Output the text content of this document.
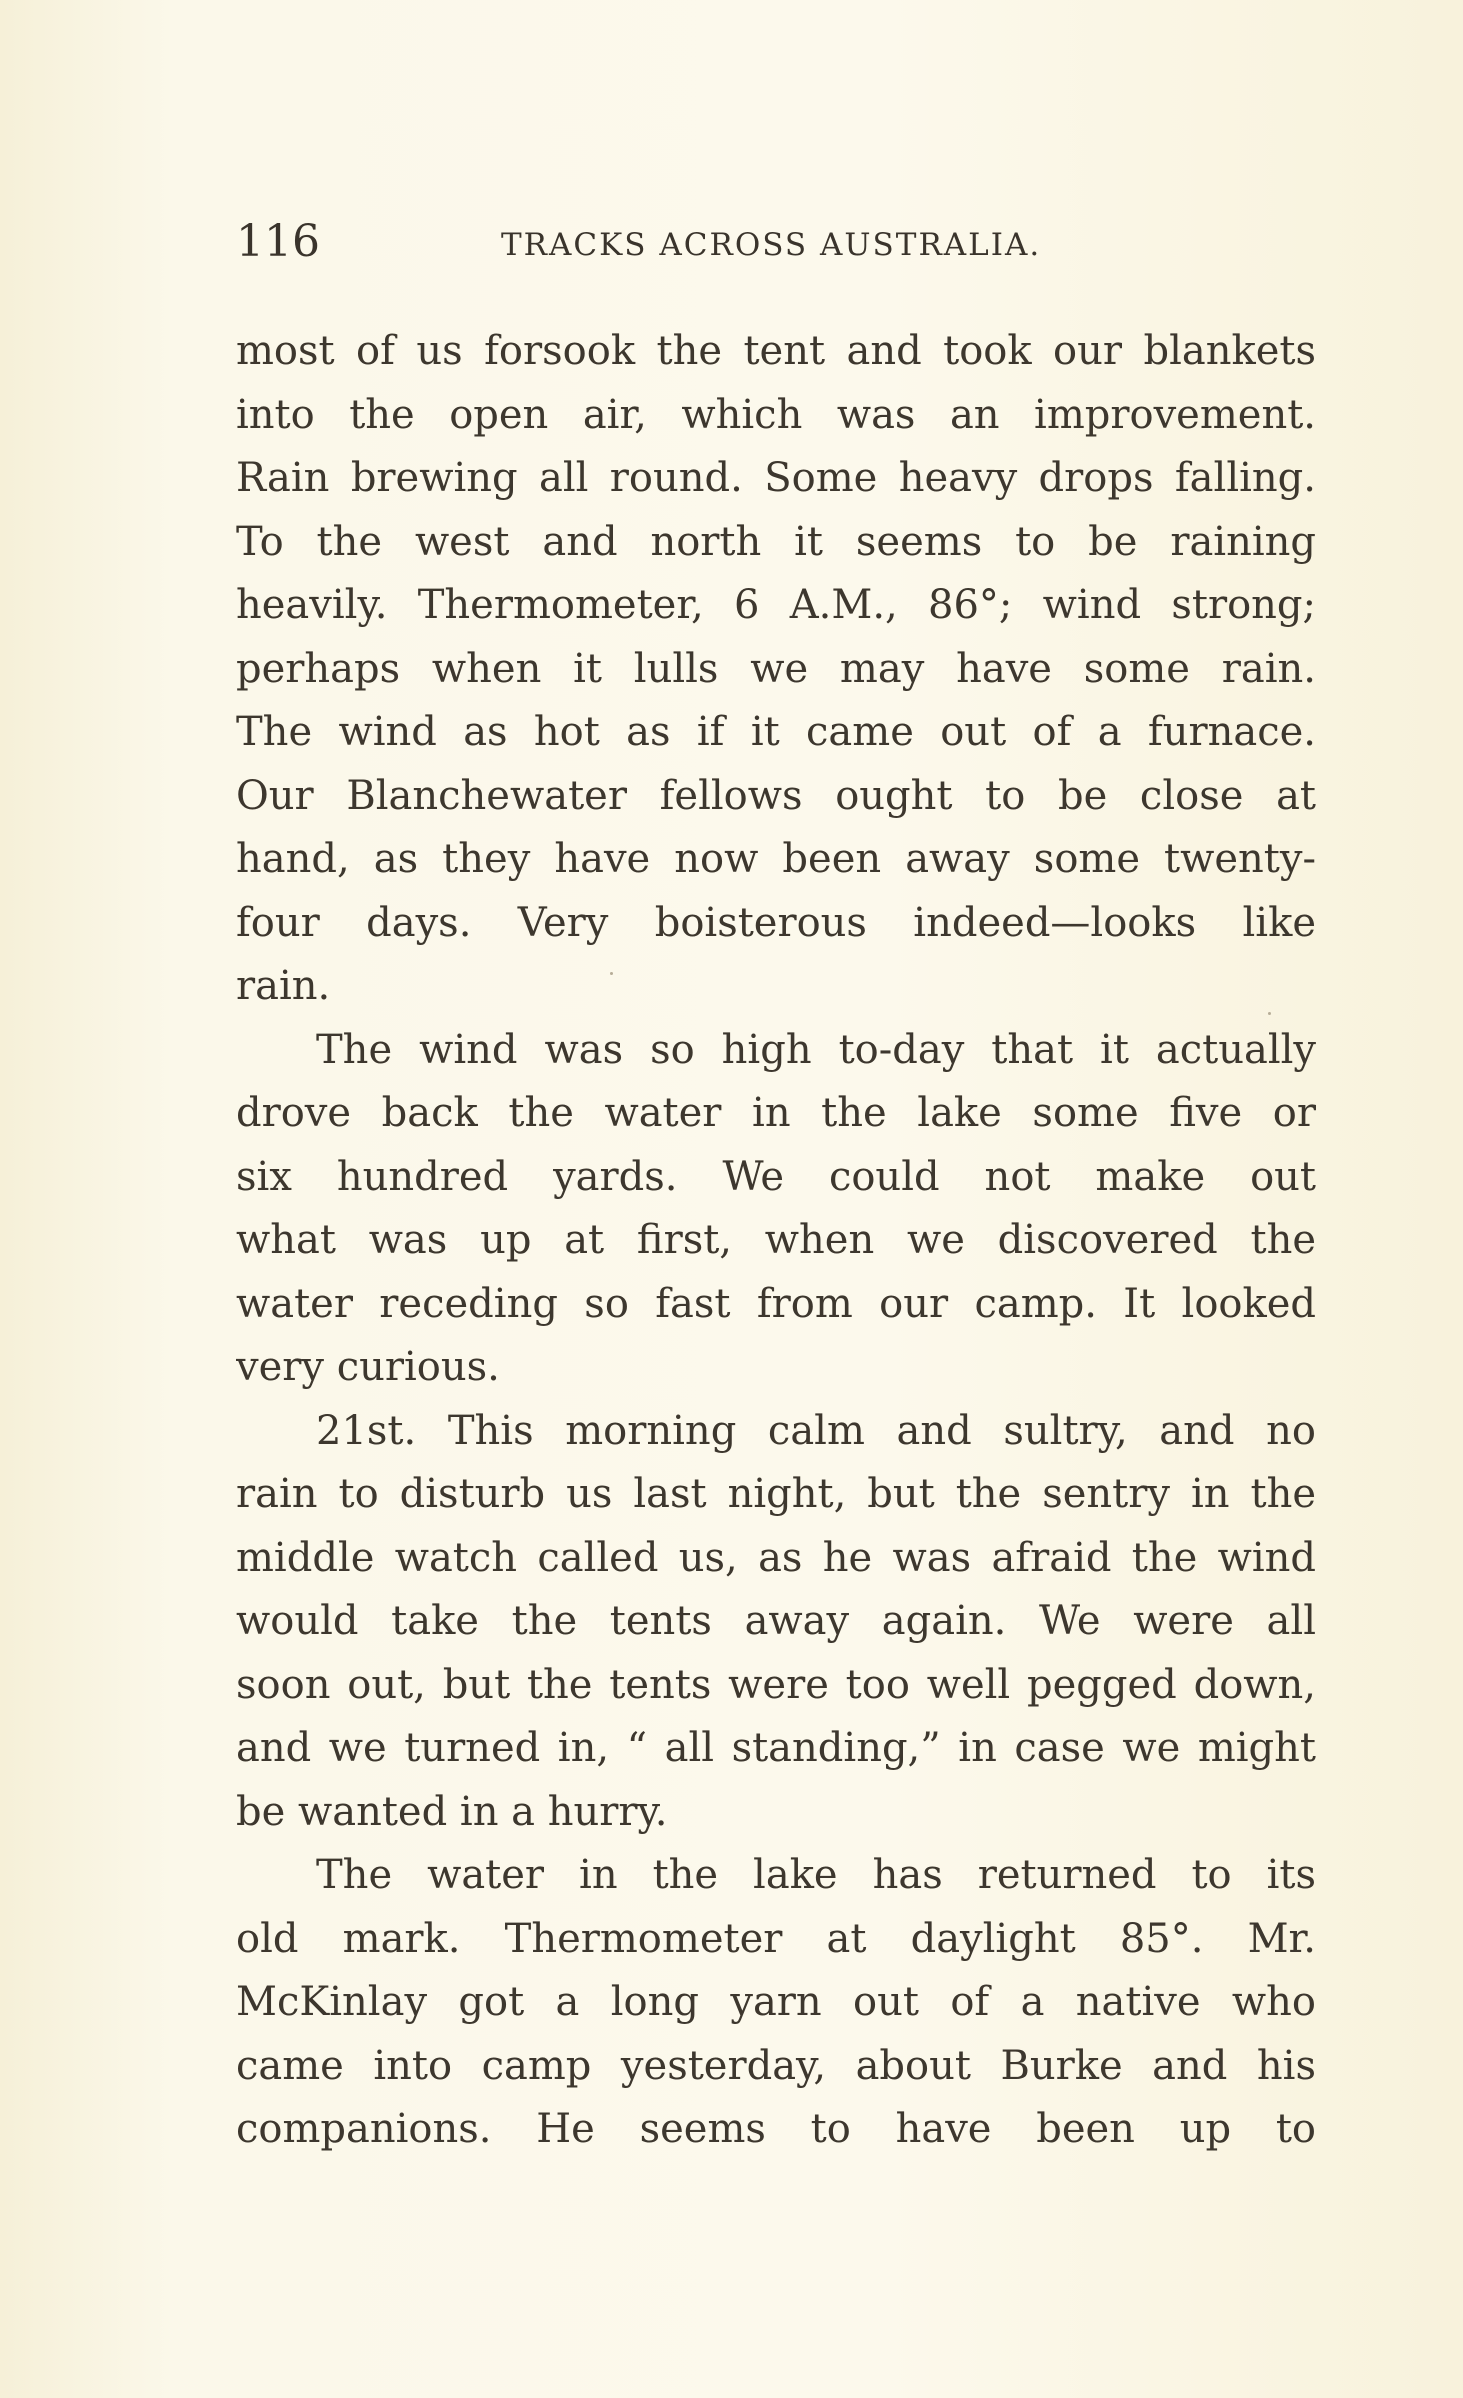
116	TRACKS ACROSS AUSTRALIA.
most of us forsook the tent and took our blankets
into the open air, which was an improvement.
Rain brewing all round. Some heavy drops falling.
To the west and north it seems to be raining
heavily. Thermometer, 6 A.M., 86°; wind strong;
perhaps when it lulls we may have some rain.
The wind as hot as if it came out of a furnace.
Our Blanchewater fellows ought to be close at
hand, as they have now been away some twenty-
four days. Very boisterous indeed—looks like
rain.
The wind was so high to-day that it actually
drove back the water in the lake some five or
six hundred yards. We could not make out
what was up at first, when we discovered the
water receding so fast from our camp. It looked
very curious.
21st. This morning calm and sultry, and no
rain to disturb us last night, but the sentry in the
middle watch called us, as he was afraid the wind
would take the tents away again. We were all
soon out, but the tents were too well pegged down,
and we turned in, “ all standing,” in case we might
be wanted in a hurry.
The water in the lake has returned to its
old mark. Thermometer at daylight 85°. Mr.
McKinlay got a long yarn out of a native who
came into camp yesterday, about Burke and his
companions. He seems to have been up to
